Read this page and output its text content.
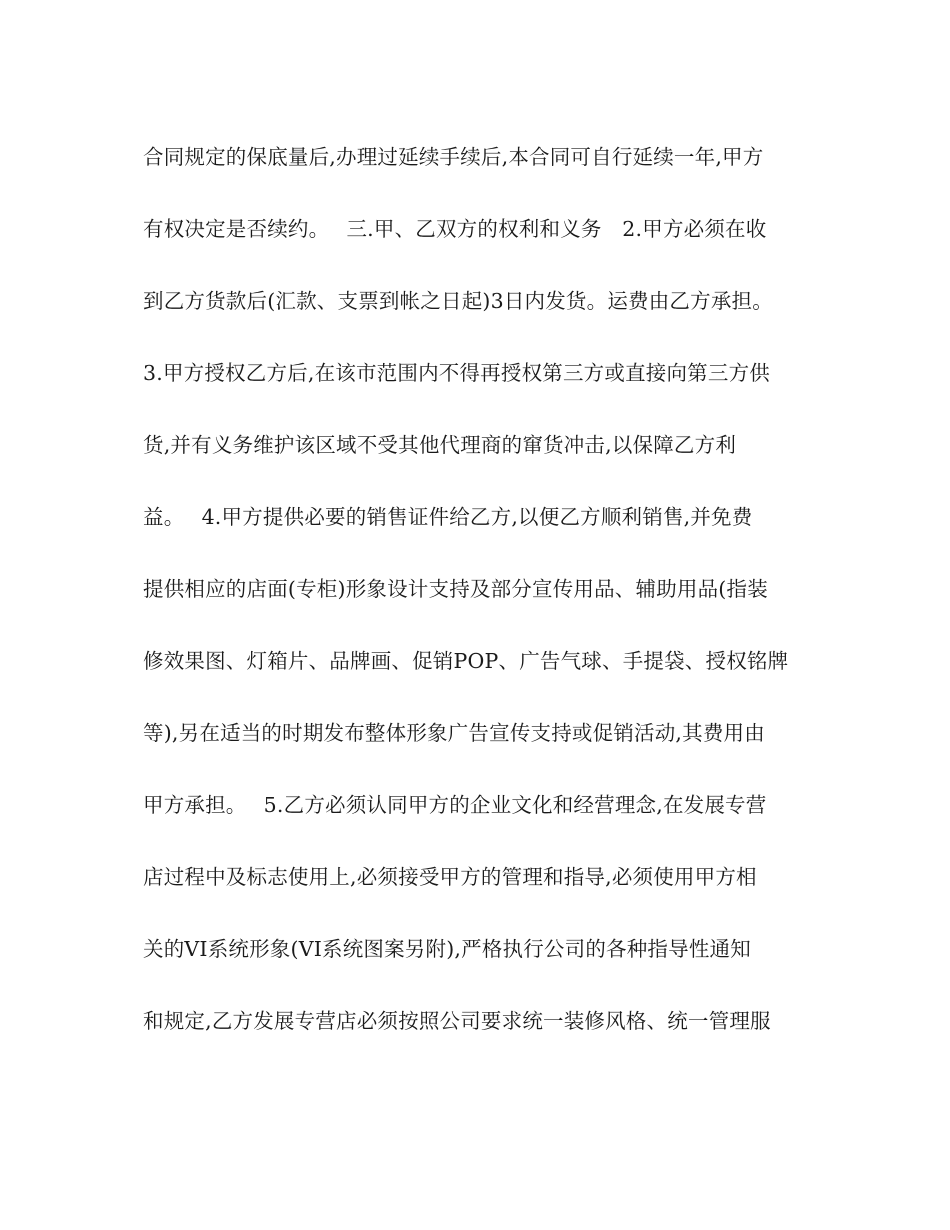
合同规定的保底量后,办理过延续手续后,本合同可自行延续一年,甲方
有权决定是否续约。　 三.甲、乙双方的权利和义务　2.甲方必须在收
到乙方货款后(汇款、支票到帐之日起)3日内发货。运费由乙方承担。
3.甲方授权乙方后,在该市范围内不得再授权第三方或直接向第三方供
货,并有义务维护该区域不受其他代理商的窜货冲击,以保障乙方利
益。　 4.甲方提供必要的销售证件给乙方,以便乙方顺利销售,并免费
提供相应的店面(专柜)形象设计支持及部分宣传用品、辅助用品(指装
修效果图、灯箱片、品牌画、促销POP、广告气球、手提袋、授权铭牌
等),另在适当的时期发布整体形象广告宣传支持或促销活动,其费用由
甲方承担。　 5.乙方必须认同甲方的企业文化和经营理念,在发展专营
店过程中及标志使用上,必须接受甲方的管理和指导,必须使用甲方相
关的VI系统形象(VI系统图案另附),严格执行公司的各种指导性通知
和规定,乙方发展专营店必须按照公司要求统一装修风格、统一管理服
